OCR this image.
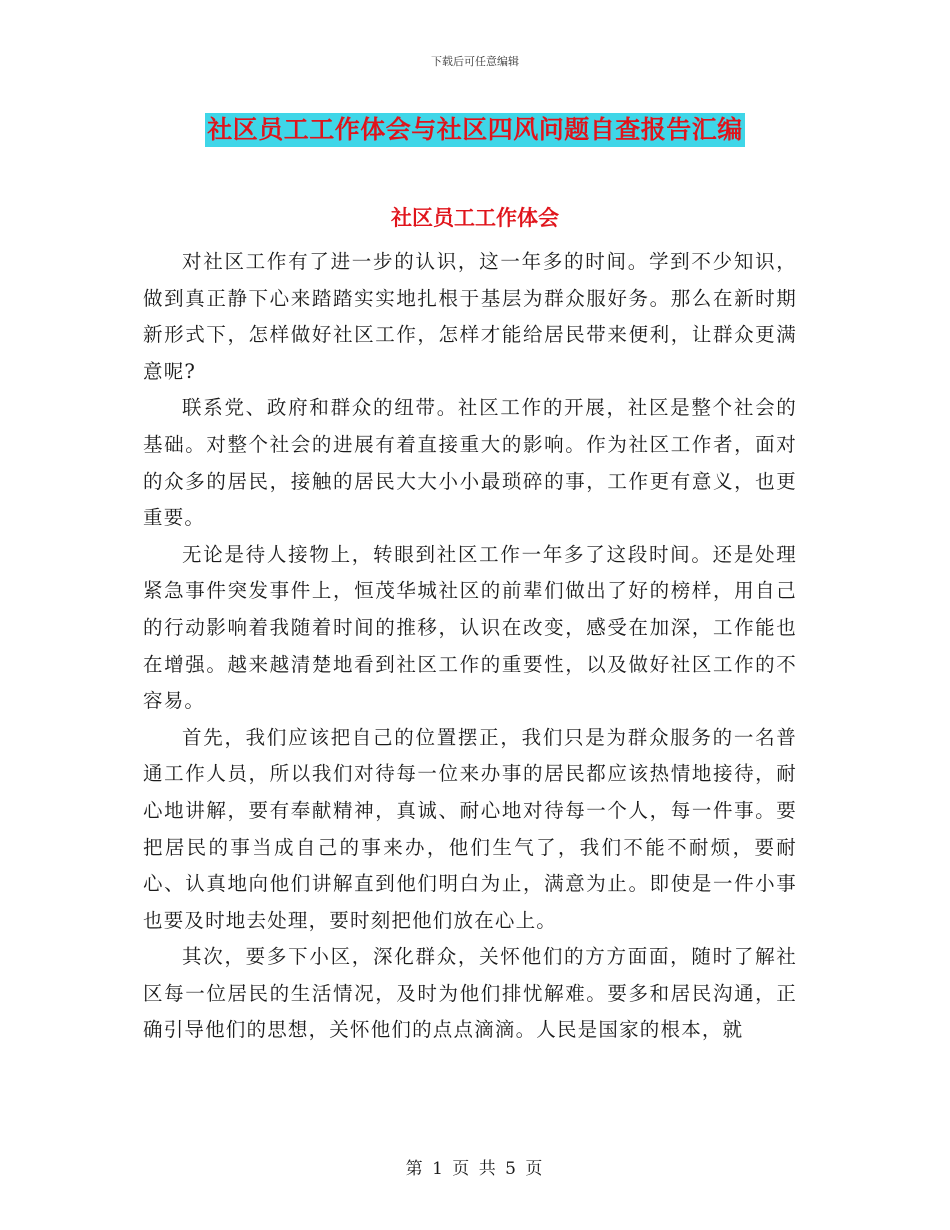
下载后可任意编辑
社区员工工作体会与社区四风问题自查报告汇编
社区员工工作体会

对社区工作有了进一步的认识，这一年多的时间。学到不少知识，做到真正静下心来踏踏实实地扎根于基层为群众服好务。那么在新时期新形式下，怎样做好社区工作，怎样才能给居民带来便利，让群众更满意呢?

联系党、政府和群众的纽带。社区工作的开展，社区是整个社会的基础。对整个社会的进展有着直接重大的影响。作为社区工作者，面对的众多的居民，接触的居民大大小小最琐碎的事，工作更有意义，也更重要。

无论是待人接物上，转眼到社区工作一年多了这段时间。还是处理紧急事件突发事件上，恒茂华城社区的前辈们做出了好的榜样，用自己的行动影响着我随着时间的推移，认识在改变，感受在加深，工作能也在增强。越来越清楚地看到社区工作的重要性，以及做好社区工作的不容易。

首先，我们应该把自己的位置摆正，我们只是为群众服务的一名普通工作人员，所以我们对待每一位来办事的居民都应该热情地接待，耐心地讲解，要有奉献精神，真诚、耐心地对待每一个人，每一件事。要把居民的事当成自己的事来办，他们生气了，我们不能不耐烦，要耐心、认真地向他们讲解直到他们明白为止，满意为止。即使是一件小事也要及时地去处理，要时刻把他们放在心上。

其次，要多下小区，深化群众，关怀他们的方方面面，随时了解社区每一位居民的生活情况，及时为他们排忧解难。要多和居民沟通，正确引导他们的思想，关怀他们的点点滴滴。人民是国家的根本，就

第 1 页 共 5 页
